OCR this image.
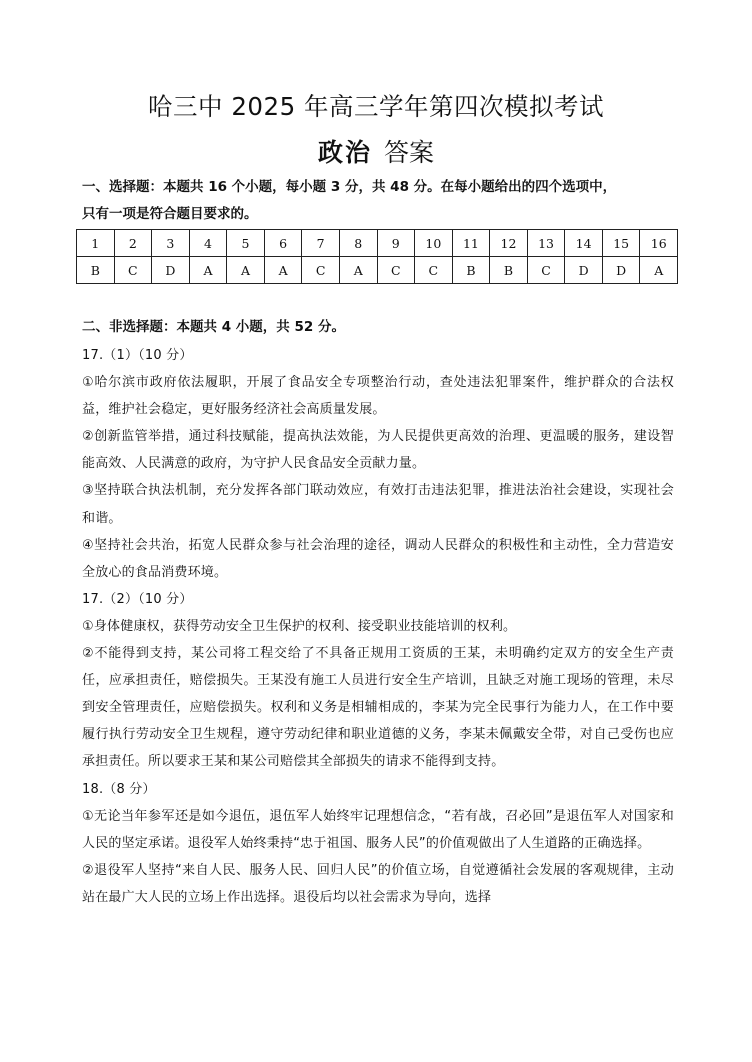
哈三中 2025 年高三学年第四次模拟考试
政治 答案
一、选择题：本题共 16 个小题，每小题 3 分，共 48 分。在每小题给出的四个选项中，
只有一项是符合题目要求的。
1	2	3	4	5	6	7	8	9	10	11	12	13	14	15	16
B	C	D	A	A	A	C	A	C	C	B	B	C	D	D	A
二、非选择题：本题共 4 小题，共 52 分。

17.（1）（10 分）

①哈尔滨市政府依法履职，开展了食品安全专项整治行动，查处违法犯罪案件，维护群众的合法权益，维护社会稳定，更好服务经济社会高质量发展。

②创新监管举措，通过科技赋能，提高执法效能，为人民提供更高效的治理、更温暖的服务，建设智能高效、人民满意的政府，为守护人民食品安全贡献力量。

③坚持联合执法机制，充分发挥各部门联动效应，有效打击违法犯罪，推进法治社会建设，实现社会和谐。

④坚持社会共治，拓宽人民群众参与社会治理的途径，调动人民群众的积极性和主动性，全力营造安全放心的食品消费环境。

17.（2）（10 分）

①身体健康权，获得劳动安全卫生保护的权利、接受职业技能培训的权利。

②不能得到支持，某公司将工程交给了不具备正规用工资质的王某，未明确约定双方的安全生产责任，应承担责任，赔偿损失。王某没有施工人员进行安全生产培训，且缺乏对施工现场的管理，未尽到安全管理责任，应赔偿损失。权利和义务是相辅相成的，李某为完全民事行为能力人，在工作中要履行执行劳动安全卫生规程，遵守劳动纪律和职业道德的义务，李某未佩戴安全带，对自己受伤也应承担责任。所以要求王某和某公司赔偿其全部损失的请求不能得到支持。

18.（8 分）

①无论当年参军还是如今退伍，退伍军人始终牢记理想信念，“若有战，召必回”是退伍军人对国家和人民的坚定承诺。退役军人始终秉持“忠于祖国、服务人民”的价值观做出了人生道路的正确选择。

②退役军人坚持“来自人民、服务人民、回归人民”的价值立场，自觉遵循社会发展的客观规律，主动站在最广大人民的立场上作出选择。退役后均以社会需求为导向，选择
